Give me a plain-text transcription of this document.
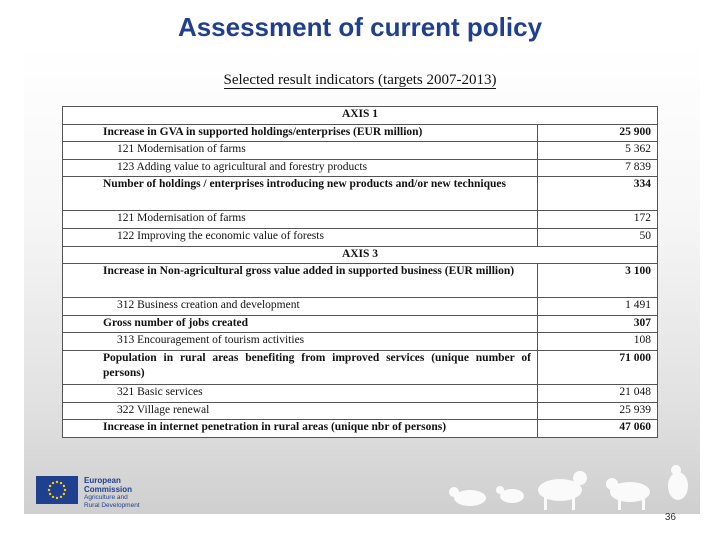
Assessment of current policy
Selected result indicators (targets 2007-2013)
AXIS 1	
Increase in GVA in supported holdings/enterprises (EUR million)	25 900
121 Modernisation of farms	5 362
123 Adding value to agricultural and forestry products	7 839
Number of holdings / enterprises introducing new products and/or new techniques	334
121 Modernisation of farms	172
122 Improving the economic value of forests	50
AXIS 3	
Increase in Non-agricultural gross value added in supported business (EUR million)	3 100
312 Business creation and development	1 491
Gross number of jobs created	307
313 Encouragement of tourism activities	108
Population in rural areas benefiting from improved services (unique number of persons)	71 000
321 Basic services	21 048
322 Village renewal	25 939
Increase in internet penetration in rural areas (unique nbr of persons)	47 060
European Commission
Agriculture and
Rural Development
36
